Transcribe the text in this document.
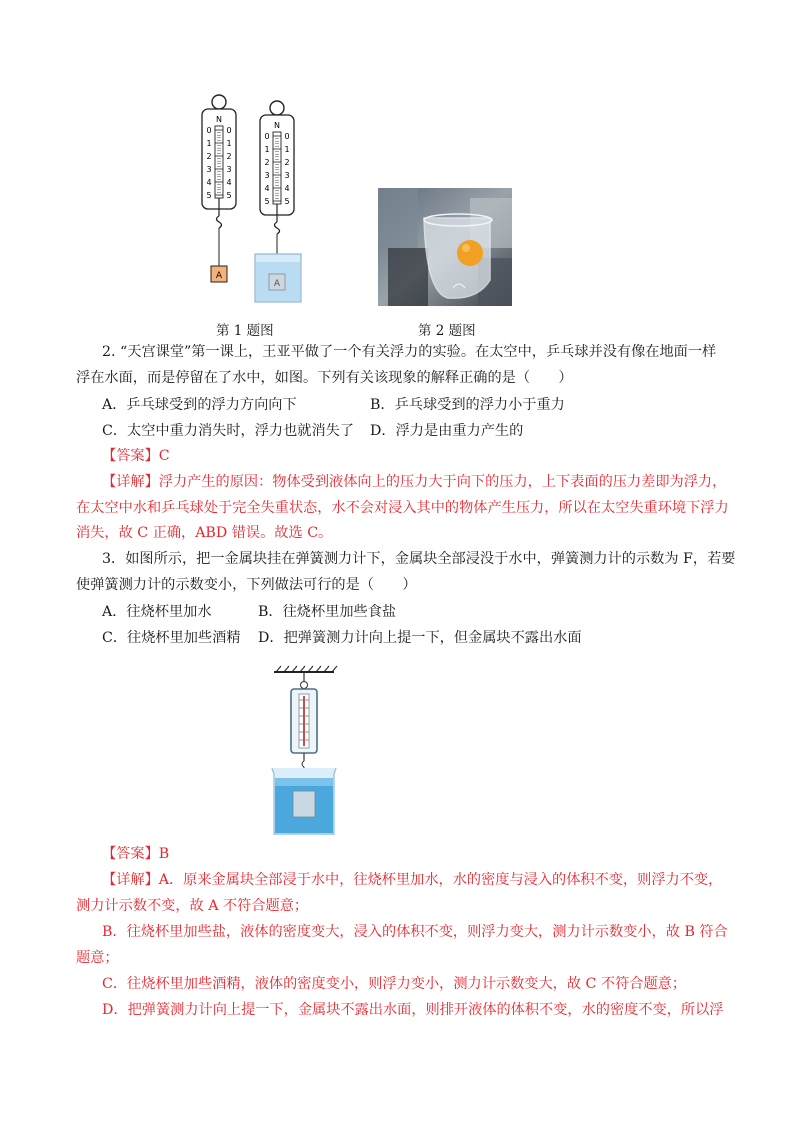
N
0 0
1 1
2 2
3 3
4 4
5 5
A
N
0 0
1 1
2 2
3 3
4 4
5 5
A
第 1 题图	第 2 题图
2. “天宫课堂”第一课上，王亚平做了一个有关浮力的实验。在太空中，乒乓球并没有像在地面一样
浮在水面，而是停留在了水中，如图。下列有关该现象的解释正确的是（　　）
A．乒乓球受到的浮力方向向下	B．乒乓球受到的浮力小于重力
C．太空中重力消失时，浮力也就消失了 D．浮力是由重力产生的
【答案】C
【详解】浮力产生的原因：物体受到液体向上的压力大于向下的压力，上下表面的压力差即为浮力，
在太空中水和乒乓球处于完全失重状态，水不会对浸入其中的物体产生压力，所以在太空失重环境下浮力
消失，故 C 正确，ABD 错误。故选 C。
3．如图所示，把一金属块挂在弹簧测力计下，金属块全部浸没于水中，弹簧测力计的示数为 F，若要
使弹簧测力计的示数变小，下列做法可行的是（　　）
A．往烧杯里加水	B．往烧杯里加些食盐
C．往烧杯里加些酒精 D．把弹簧测力计向上提一下，但金属块不露出水面
【答案】B
【详解】A．原来金属块全部浸于水中，往烧杯里加水，水的密度与浸入的体积不变，则浮力不变，
测力计示数不变，故 A 不符合题意；
B．往烧杯里加些盐，液体的密度变大，浸入的体积不变，则浮力变大，测力计示数变小，故 B 符合
题意；
C．往烧杯里加些酒精，液体的密度变小，则浮力变小，测力计示数变大，故 C 不符合题意；
D．把弹簧测力计向上提一下，金属块不露出水面，则排开液体的体积不变，水的密度不变，所以浮
